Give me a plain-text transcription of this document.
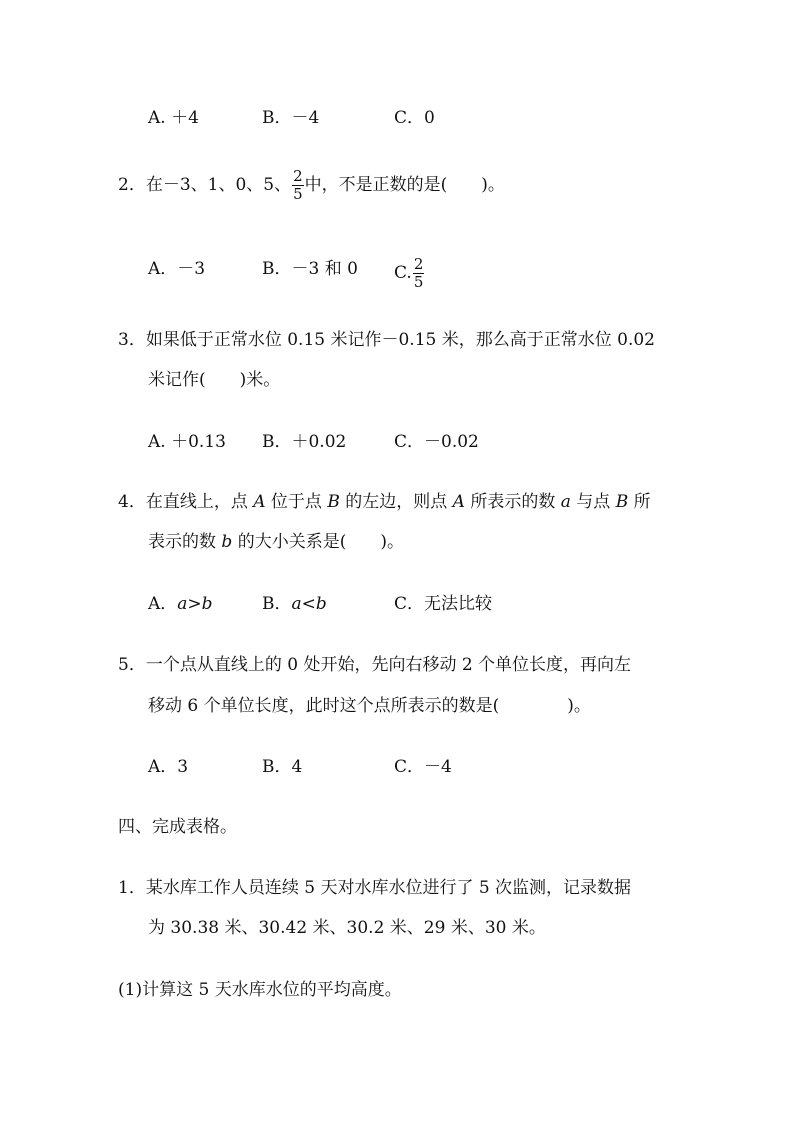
A. ＋4	B．－4	C．0
2．在－3、1、0、5、 $\frac{2}{5}$ 中，不是正数的是(　　)。
A．－3	B．－3 和 0 C. $\frac{2}{5}$
3．如果低于正常水位 0.15 米记作－0.15 米，那么高于正常水位 0.02
米记作(　　)米。
A. ＋0.13 B．＋0.02	C．－0.02
4．在直线上，点 A 位于点 B 的左边，则点 A 所表示的数 a 与点 B 所
表示的数 b 的大小关系是(　　)。
A．a>b	B．a<b	C．无法比较
5．一个点从直线上的 0 处开始，先向右移动 2 个单位长度，再向左
移动 6 个单位长度，此时这个点所表示的数是(　　　　)。
A．3	B．4	C．－4
四、完成表格。
1．某水库工作人员连续 5 天对水库水位进行了 5 次监测，记录数据
为 30.38 米、30.42 米、30.2 米、29 米、30 米。
(1)计算这 5 天水库水位的平均高度。
